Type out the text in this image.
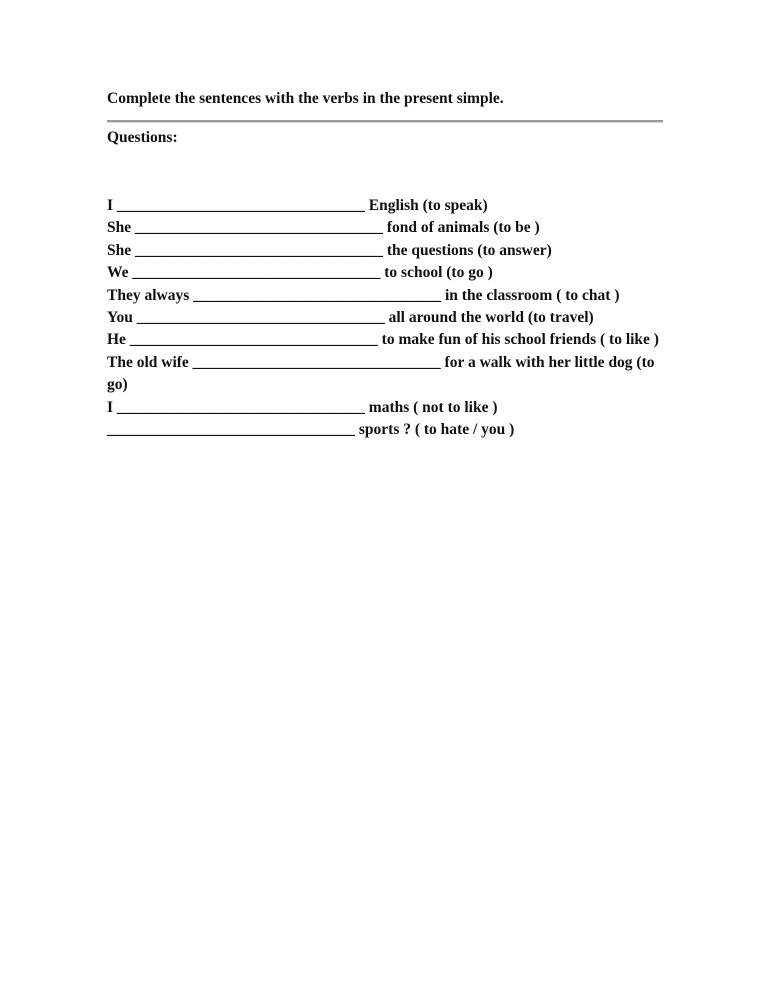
Complete the sentences with the verbs in the present simple.

Questions:
I ________________________________ English (to speak)
She ________________________________ fond of animals (to be )
She ________________________________ the questions (to answer)
We ________________________________ to school (to go )
They always ________________________________ in the classroom ( to chat )
You ________________________________ all around the world (to travel)
He ________________________________ to make fun of his school friends ( to like )
The old wife ________________________________ for a walk with her little dog (to go)
I ________________________________ maths ( not to like )
________________________________ sports ? ( to hate / you )
